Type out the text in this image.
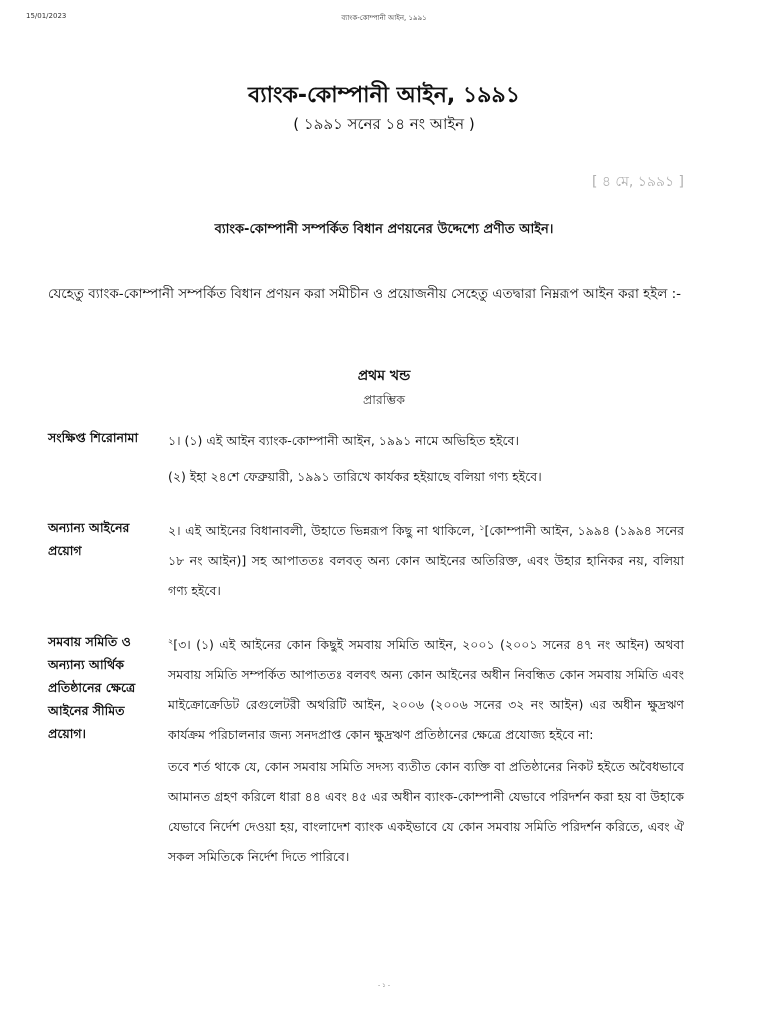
15/01/2023	ব্যাংক-কোম্পানী আইন, ১৯৯১
ব্যাংক-কোম্পানী আইন, ১৯৯১
( ১৯৯১ সনের ১৪ নং আইন )
[ ৪ মে, ১৯৯১ ]
ব্যাংক-কোম্পানী সম্পর্কিত বিধান প্রণয়নের উদ্দেশ্যে প্রণীত আইন।
যেহেতু ব্যাংক-কোম্পানী সম্পর্কিত বিধান প্রণয়ন করা সমীচীন ও প্রয়োজনীয় সেহেতু এতদ্বারা নিম্নরূপ আইন করা হইল :-
প্রথম খন্ড
প্রারম্ভিক
সংক্ষিপ্ত শিরোনামা	১। (১) এই আইন ব্যাংক-কোম্পানী আইন, ১৯৯১ নামে অভিহিত হইবে।

(২) ইহা ২৪শে ফেব্রুয়ারী, ১৯৯১ তারিখে কার্যকর হইয়াছে বলিয়া গণ্য হইবে।

অন্যান্য আইনের প্রয়োগ

২। এই আইনের বিধানাবলী, উহাতে ভিন্নরূপ কিছু না থাকিলে, $^১$[কোম্পানী আইন, ১৯৯৪ (১৯৯৪ সনের ১৮ নং আইন)] সহ আপাততঃ বলবত্ অন্য কোন আইনের অতিরিক্ত, এবং উহার হানিকর নয়, বলিয়া গণ্য হইবে।

সমবায় সমিতি ও অন্যান্য আর্থিক প্রতিষ্ঠানের ক্ষেত্রে আইনের সীমিত প্রয়োগ।

$^২$[৩। (১) এই আইনের কোন কিছুই সমবায় সমিতি আইন, ২০০১ (২০০১ সনের ৪৭ নং আইন) অথবা সমবায় সমিতি সম্পর্কিত আপাততঃ বলবৎ অন্য কোন আইনের অধীন নিবন্ধিত কোন সমবায় সমিতি এবং মাইক্রোক্রেডিট রেগুলেটরী অথরিটি আইন, ২০০৬ (২০০৬ সনের ৩২ নং আইন) এর অধীন ক্ষুদ্রঋণ কার্যক্রম পরিচালনার জন্য সনদপ্রাপ্ত কোন ক্ষুদ্রঋণ প্রতিষ্ঠানের ক্ষেত্রে প্রযোজ্য হইবে না:

তবে শর্ত থাকে যে, কোন সমবায় সমিতি সদস্য ব্যতীত কোন ব্যক্তি বা প্রতিষ্ঠানের নিকট হইতে অবৈধভাবে আমানত গ্রহণ করিলে ধারা ৪৪ এবং ৪৫ এর অধীন ব্যাংক-কোম্পানী যেভাবে পরিদর্শন করা হয় বা উহাকে যেভাবে নির্দেশ দেওয়া হয়, বাংলাদেশ ব্যাংক একইভাবে যে কোন সমবায় সমিতি পরিদর্শন করিতে, এবং ঐ সকল সমিতিকে নির্দেশ দিতে পারিবে।

- ১ -
